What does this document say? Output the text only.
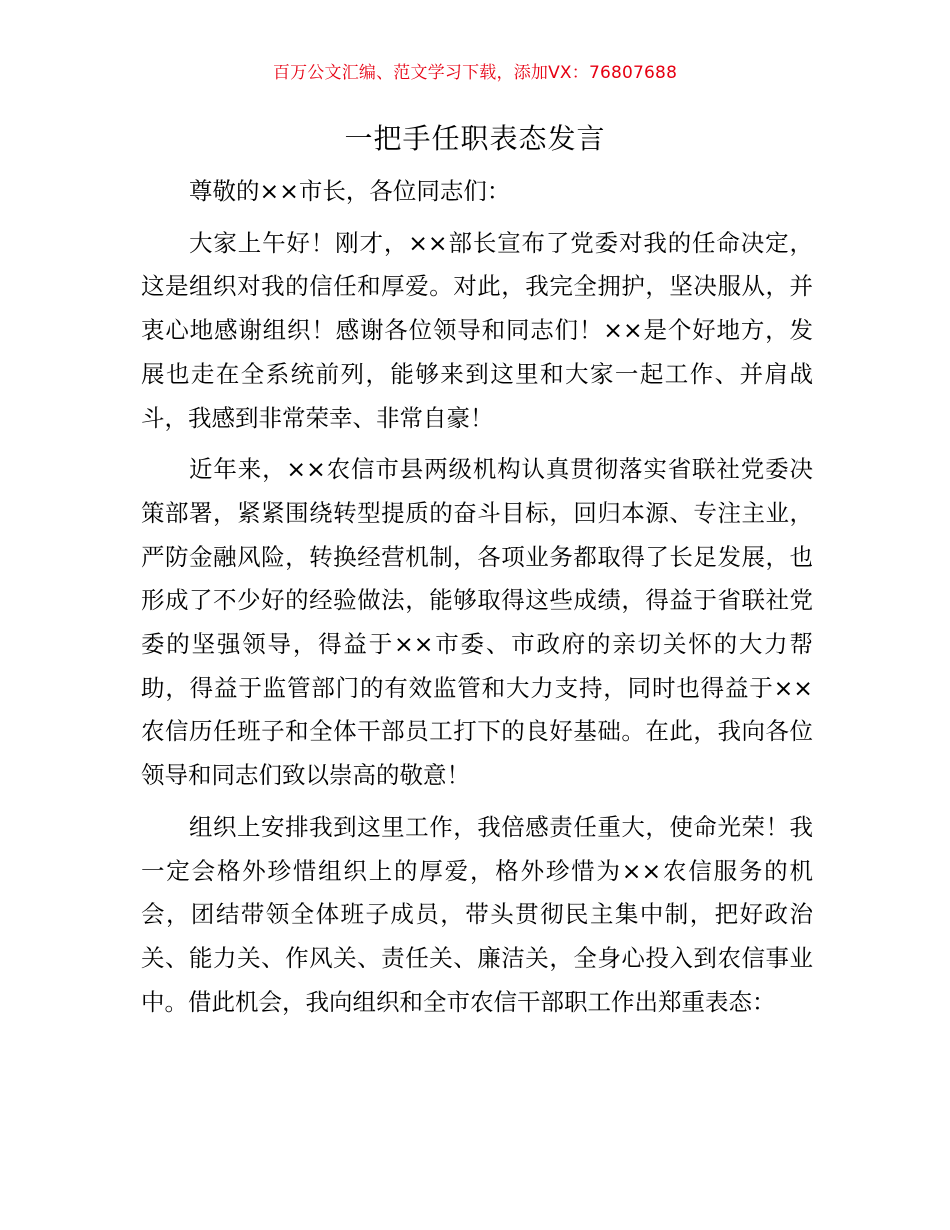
百万公文汇编、范文学习下载，添加VX：76807688
一把手任职表态发言

尊敬的××市长，各位同志们：

大家上午好！刚才，××部长宣布了党委对我的任命决定，这是组织对我的信任和厚爱。对此，我完全拥护，坚决服从，并衷心地感谢组织！感谢各位领导和同志们！××是个好地方，发展也走在全系统前列，能够来到这里和大家一起工作、并肩战斗，我感到非常荣幸、非常自豪！

近年来，××农信市县两级机构认真贯彻落实省联社党委决策部署，紧紧围绕转型提质的奋斗目标，回归本源、专注主业，严防金融风险，转换经营机制，各项业务都取得了长足发展，也形成了不少好的经验做法，能够取得这些成绩，得益于省联社党委的坚强领导，得益于××市委、市政府的亲切关怀的大力帮助，得益于监管部门的有效监管和大力支持，同时也得益于××农信历任班子和全体干部员工打下的良好基础。在此，我向各位领导和同志们致以崇高的敬意！

组织上安排我到这里工作，我倍感责任重大，使命光荣！我一定会格外珍惜组织上的厚爱，格外珍惜为××农信服务的机会，团结带领全体班子成员，带头贯彻民主集中制，把好政治关、能力关、作风关、责任关、廉洁关，全身心投入到农信事业中。借此机会，我向组织和全市农信干部职工作出郑重表态：
